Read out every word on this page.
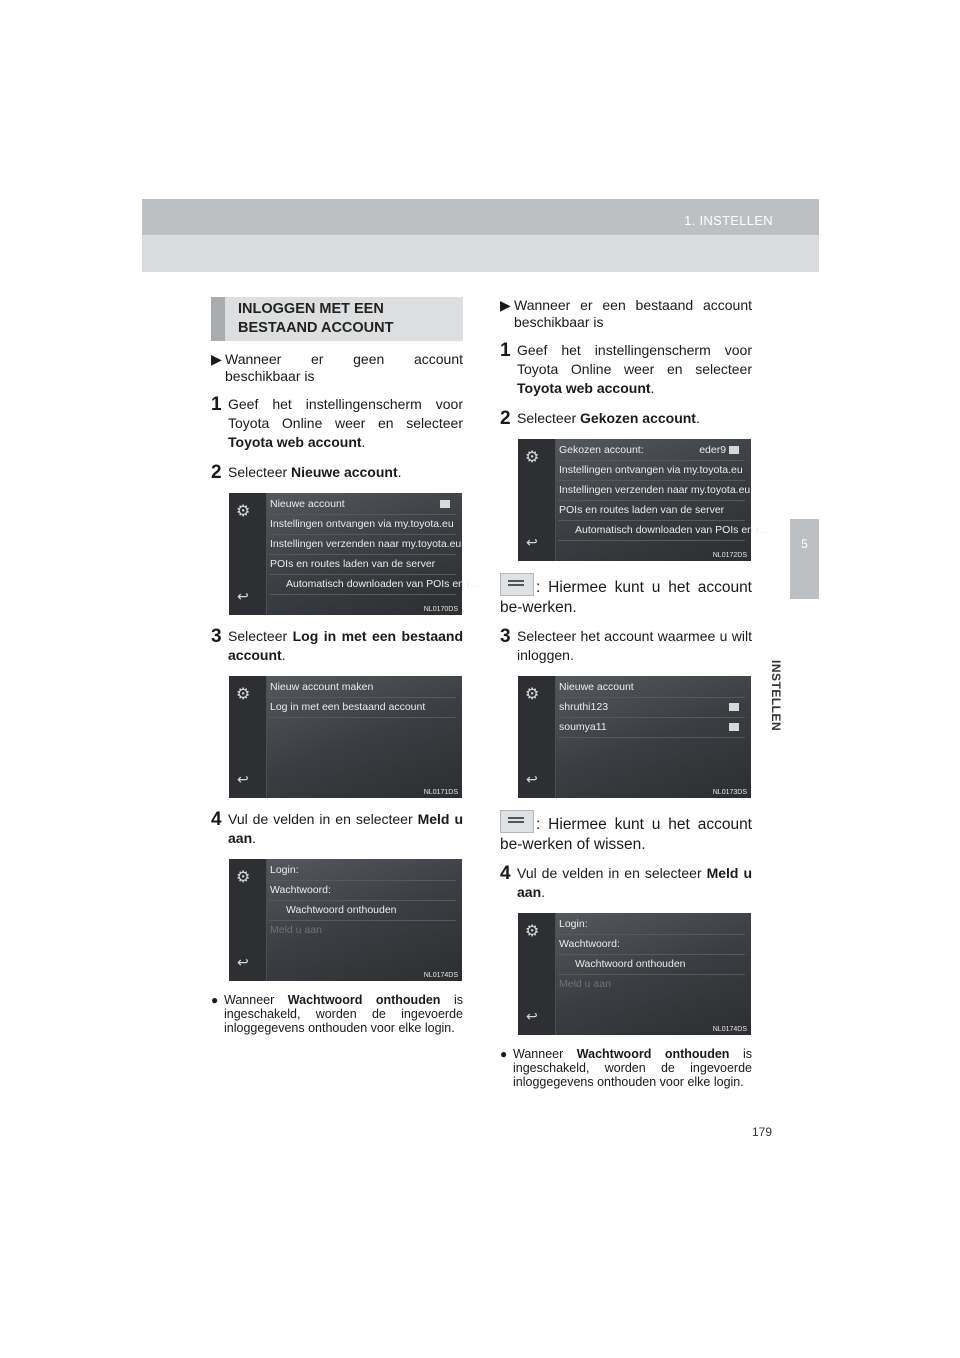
1. INSTELLEN
5
INSTELLEN
INLOGGEN MET EEN BESTAAND ACCOUNT

▶ Wanneer er geen account beschikbaar is

1 Geef het instellingenscherm voor Toyota Online weer en selecteer Toyota web account.
2 Selecteer Nieuwe account.
⚙
↩
Nieuwe account
Instellingen ontvangen via my.toyota.eu
Instellingen verzenden naar my.toyota.eu
POIs en routes laden van de server
Automatisch downloaden van POIs en r...
NL0170DS
3 Selecteer Log in met een bestaand account.
⚙
↩
Nieuw account maken
Log in met een bestaand account
NL0171DS
4 Vul de velden in en selecteer Meld u aan.
⚙
↩
Login:
Wachtwoord:
Wachtwoord onthouden
Meld u aan
NL0174DS
● Wanneer Wachtwoord onthouden is ingeschakeld, worden de ingevoerde inloggegevens onthouden voor elke login.

▶ Wanneer er een bestaand account beschikbaar is

1 Geef het instellingenscherm voor Toyota Online weer en selecteer Toyota web account.
2 Selecteer Gekozen account.
⚙
↩
Gekozen account:	eder9
Instellingen ontvangen via my.toyota.eu
Instellingen verzenden naar my.toyota.eu
POIs en routes laden van de server
Automatisch downloaden van POIs en r...
NL0172DS

: Hiermee kunt u het account be-werken.

3 Selecteer het account waarmee u wilt inloggen.
⚙
↩
Nieuwe account
shruthi123
soumya11
NL0173DS

: Hiermee kunt u het account be-werken of wissen.

4 Vul de velden in en selecteer Meld u aan.
⚙
↩
Login:
Wachtwoord:
Wachtwoord onthouden
Meld u aan
NL0174DS
● Wanneer Wachtwoord onthouden is ingeschakeld, worden de ingevoerde inloggegevens onthouden voor elke login.
179
